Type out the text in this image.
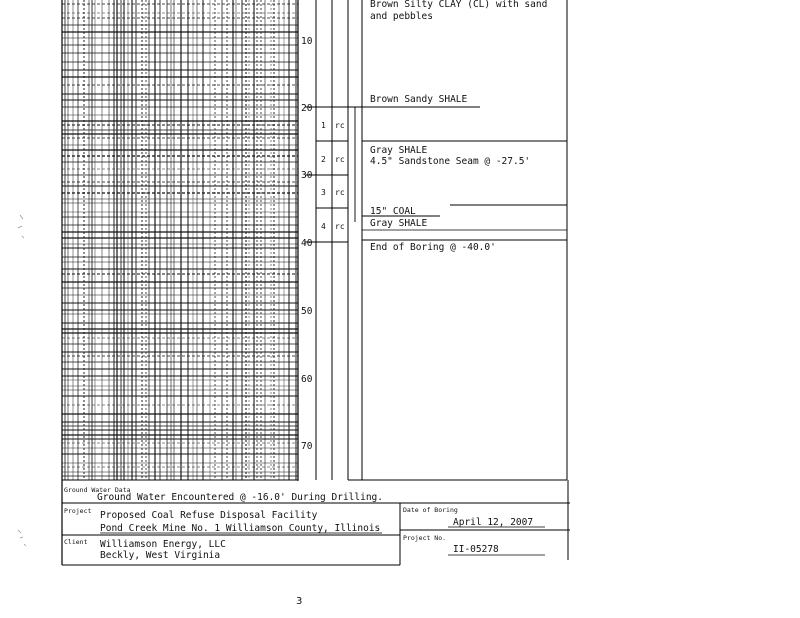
10
20
30
40
50
60
70
1 rc
2 rc
3 rc
4 rc
Brown Silty CLAY (CL) with sand
and pebbles
Brown Sandy SHALE
Gray SHALE
4.5" Sandstone Seam @ -27.5'
15" COAL
Gray SHALE
End of Boring @ -40.0'
Ground Water Data
Ground Water Encountered @ -16.0' During Drilling.
Project Proposed Coal Refuse Disposal Facility
Pond Creek Mine No. 1 Williamson County, Illinois
Client Williamson Energy, LLC
Beckly, West Virginia
Date of Boring
April 12, 2007
Project No.
II-05278
3
